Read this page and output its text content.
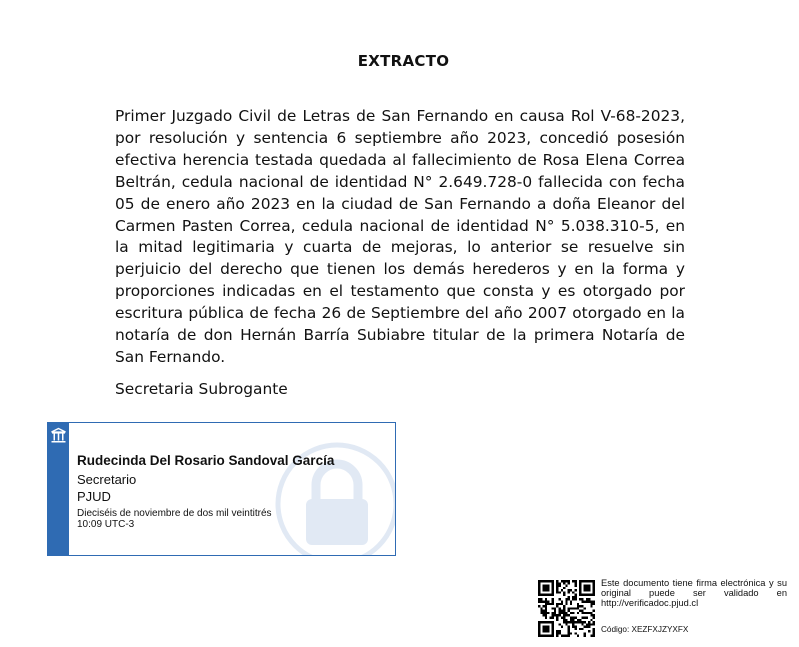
EXTRACTO

Primer Juzgado Civil de Letras de San Fernando en causa Rol V-68-2023, por resolución y sentencia 6 septiembre año 2023, concedió posesión efectiva herencia testada quedada al fallecimiento de Rosa Elena Correa Beltrán, cedula nacional de identidad N° 2.649.728-0 fallecida con fecha 05 de enero año 2023 en la ciudad de San Fernando a doña Eleanor del Carmen Pasten Correa, cedula nacional de identidad N° 5.038.310-5, en la mitad legitimaria y cuarta de mejoras, lo anterior se resuelve sin perjuicio del derecho que tienen los demás herederos y en la forma y proporciones indicadas en el testamento que consta y es otorgado por escritura pública de fecha 26 de Septiembre del año 2007 otorgado en la notaría de don Hernán Barría Subiabre titular de la primera Notaría de San Fernando.

Secretaria Subrogante
Rudecinda Del Rosario Sandoval García
Secretario
PJUD
Dieciséis de noviembre de dos mil veintitrés
10:09 UTC-3
Este documento tiene firma electrónica y su original puede ser validado en http://verificadoc.pjud.cl
Código: XEZFXJZYXFX
